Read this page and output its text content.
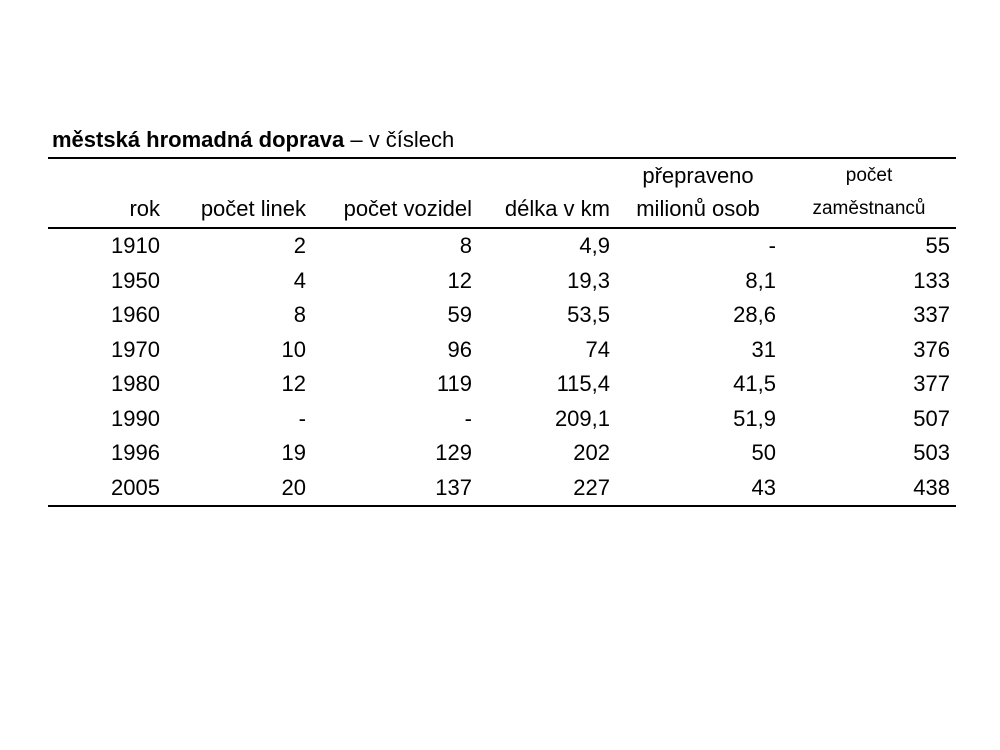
městská hromadná doprava – v číslech
				přepraveno	počet
rok	počet linek	počet vozidel	délka v km	milionů osob	zaměstnanců
1910	2	8	4,9	-	55
1950	4	12	19,3	8,1	133
1960	8	59	53,5	28,6	337
1970	10	96	74	31	376
1980	12	119	115,4	41,5	377
1990	-	-	209,1	51,9	507
1996	19	129	202	50	503
2005	20	137	227	43	438
